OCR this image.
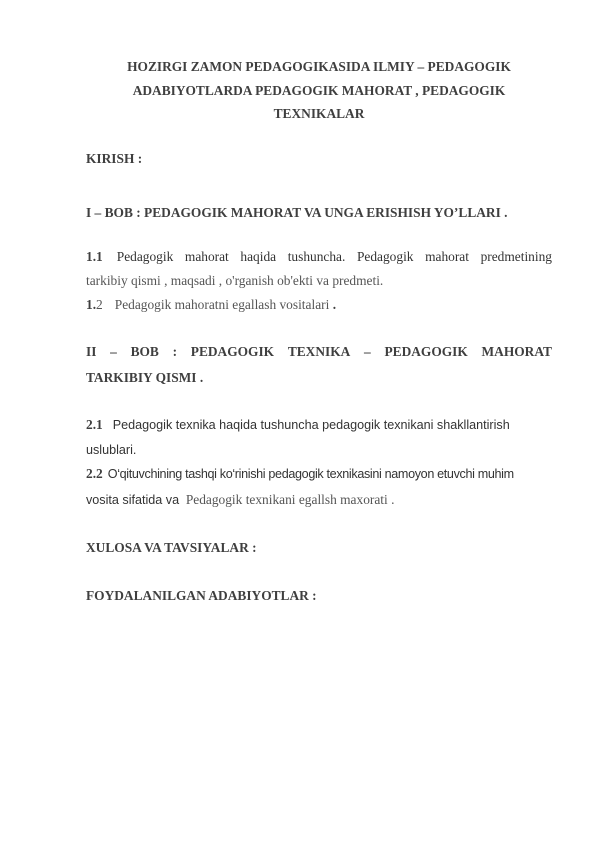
HOZIRGI ZAMON PEDAGOGIKASIDA ILMIY – PEDAGOGIK
ADABIYOTLARDA PEDAGOGIK MAHORAT , PEDAGOGIK
TEXNIKALAR
KIRISH :
I – BOB : PEDAGOGIK MAHORAT VA UNGA ERISHISH YO’LLARI .
1.1 Pedagogik mahorat haqida tushuncha. Pedagogik mahorat predmetining
tarkibiy qismi , maqsadi , o'rganish ob'ekti va predmeti.
1.2 Pedagogik mahoratni egallash vositalari .
II – BOB : PEDAGOGIK TEXNIKA – PEDAGOGIK MAHORAT
TARKIBIY QISMI .
2.1 Pedagogik texnika haqida tushuncha pedagogik texnikani shakllantirish
uslublari.
2.2 O‘qituvchining tashqi ko‘rinishi pedagogik texnikasini namoyon etuvchi muhim
vosita sifatida va Pedagogik texnikani egallsh maxorati .
XULOSA VA TAVSIYALAR :
FOYDALANILGAN ADABIYOTLAR :
